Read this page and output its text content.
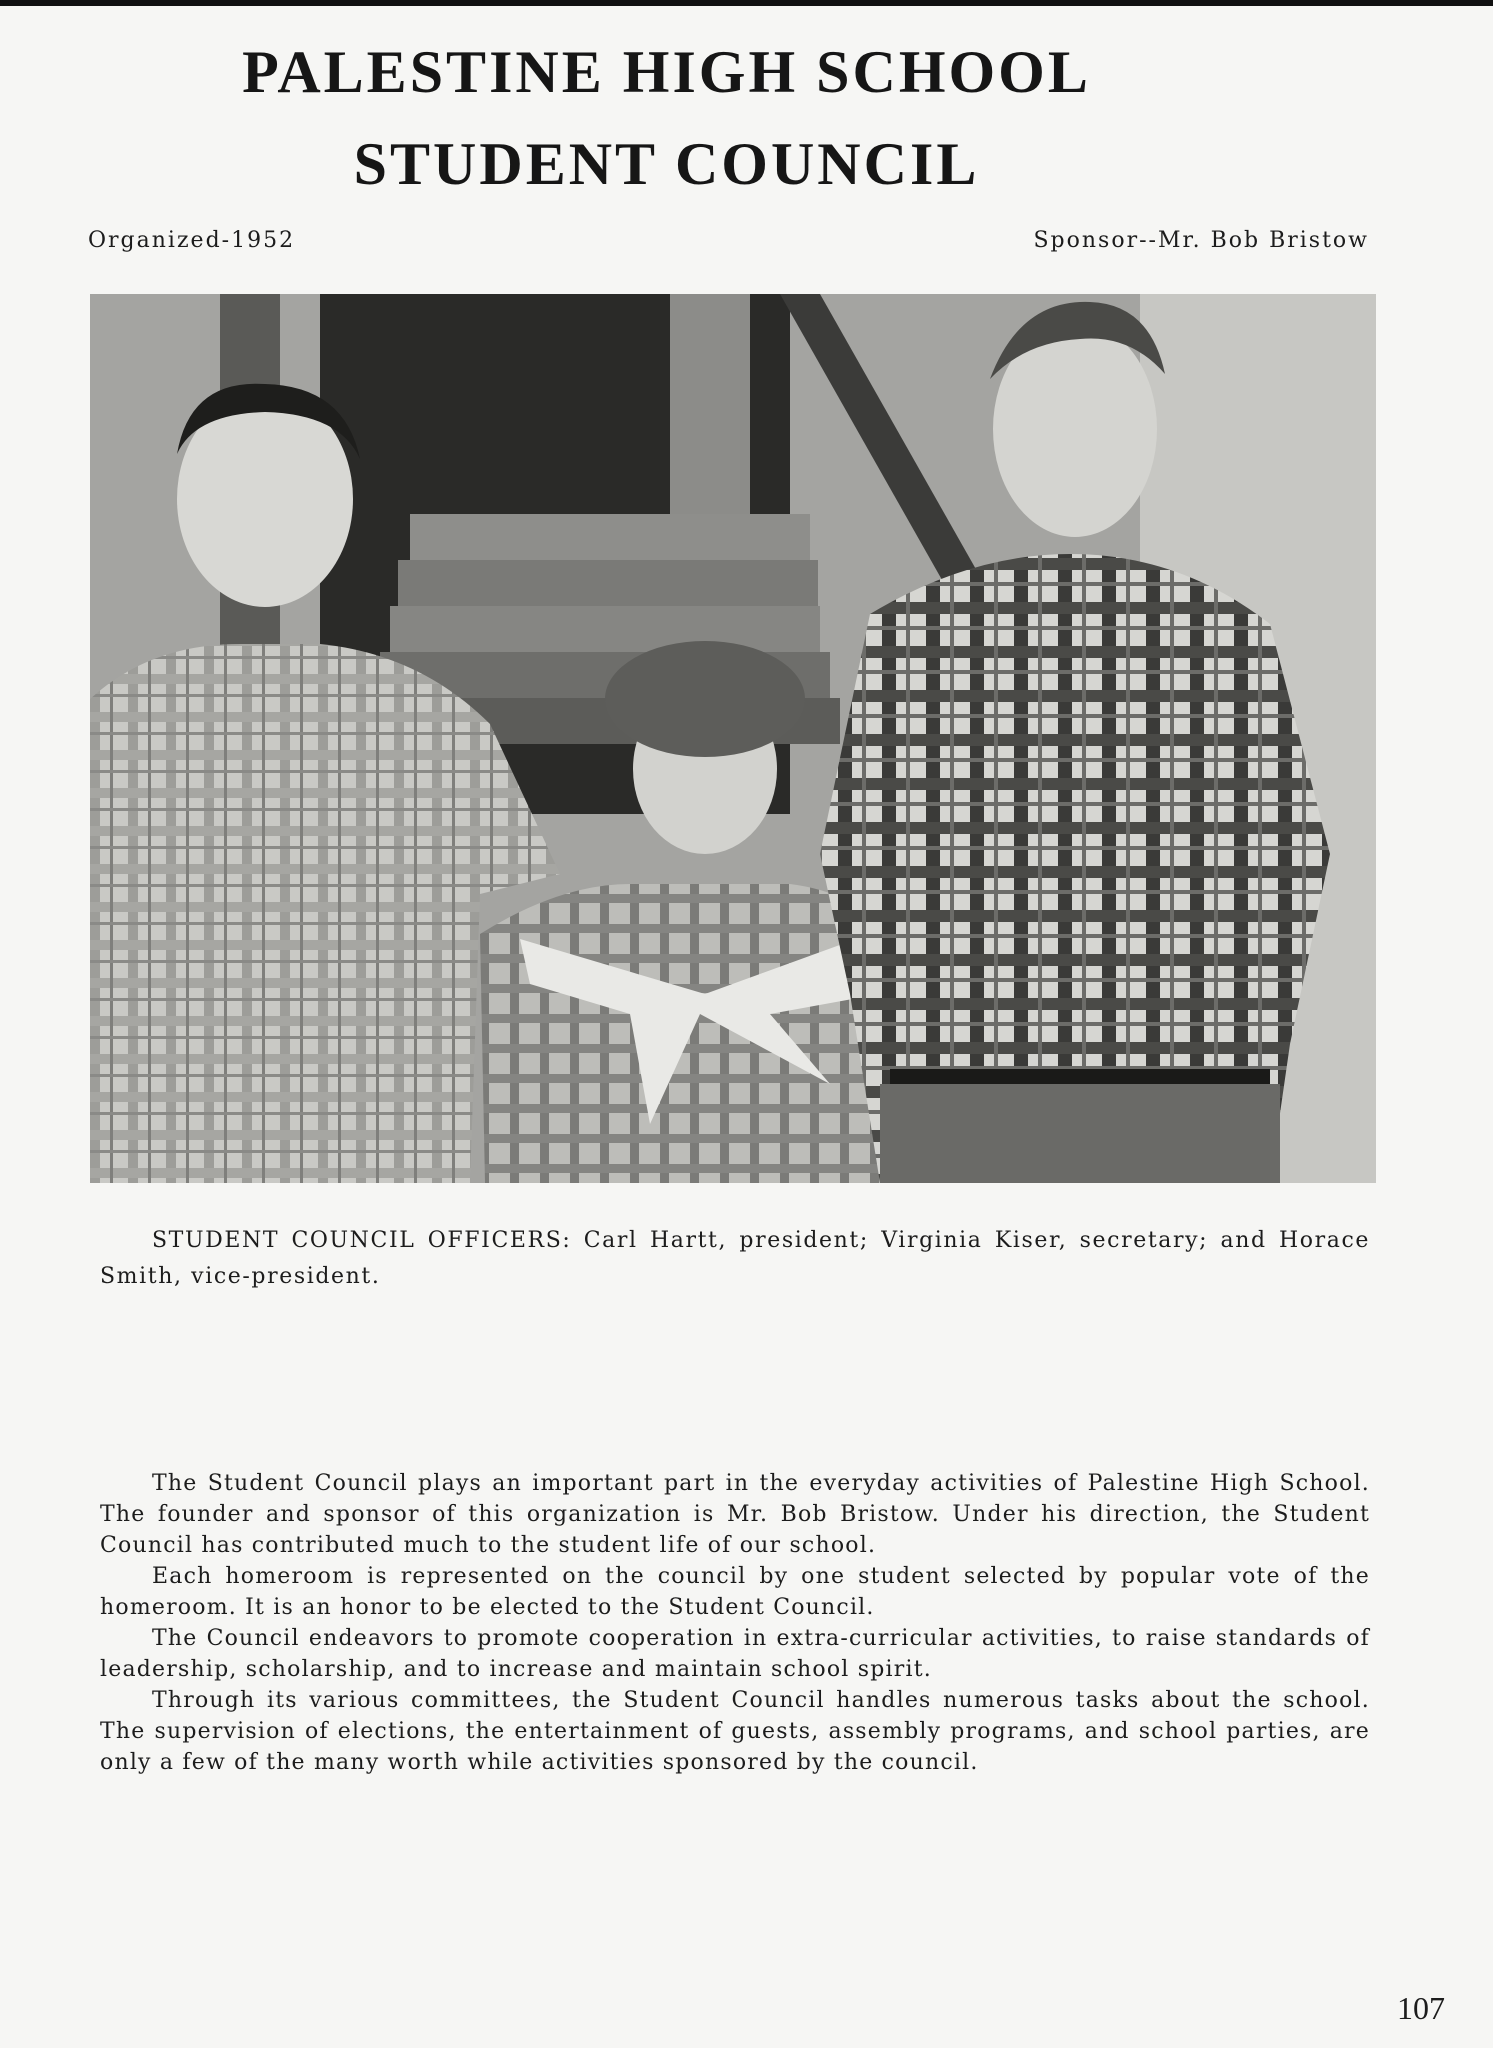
PALESTINE HIGH SCHOOL
STUDENT COUNCIL
Organized-1952	Sponsor--Mr. Bob Bristow
STUDENT COUNCIL OFFICERS: Carl Hartt, president; Virginia Kiser, secretary; and Horace Smith, vice-president.

The Student Council plays an important part in the everyday activities of Palestine High School. The founder and sponsor of this organization is Mr. Bob Bristow. Under his direction, the Student Council has contributed much to the student life of our school.

Each homeroom is represented on the council by one student selected by popular vote of the homeroom. It is an honor to be elected to the Student Council.

The Council endeavors to promote cooperation in extra-curricular activities, to raise standards of leadership, scholarship, and to increase and maintain school spirit.

Through its various committees, the Student Council handles numerous tasks about the school. The supervision of elections, the entertainment of guests, assembly programs, and school parties, are only a few of the many worth while activities sponsored by the council.

107
